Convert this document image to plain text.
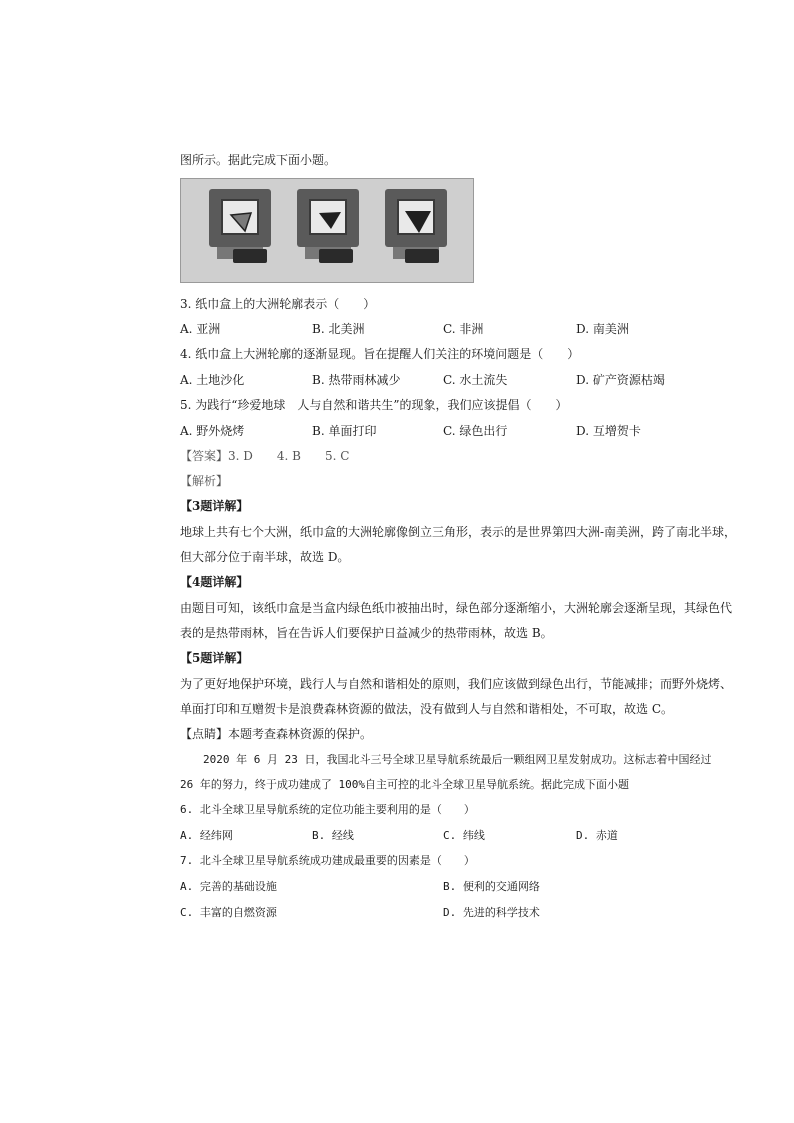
图所示。据此完成下面小题。
3. 纸巾盒上的大洲轮廓表示（　　）
A. 亚洲	B. 北美洲	C. 非洲	D. 南美洲
4. 纸巾盒上大洲轮廓的逐渐显现。旨在提醒人们关注的环境问题是（　　）
A. 土地沙化	B. 热带雨林减少	C. 水土流失	D. 矿产资源枯竭
5. 为践行“珍爱地球　人与自然和谐共生”的现象，我们应该提倡（　　）
A. 野外烧烤	B. 单面打印	C. 绿色出行	D. 互增贺卡
【答案】3. D　　4. B　　5. C
【解析】
【3题详解】
地球上共有七个大洲，纸巾盒的大洲轮廓像倒立三角形，表示的是世界第四大洲-南美洲，跨了南北半球，
但大部分位于南半球，故选 D。
【4题详解】
由题目可知，该纸巾盒是当盒内绿色纸巾被抽出时，绿色部分逐渐缩小，大洲轮廓会逐渐呈现，其绿色代
表的是热带雨林，旨在告诉人们要保护日益减少的热带雨林，故选 B。
【5题详解】
为了更好地保护环境，践行人与自然和谐相处的原则，我们应该做到绿色出行，节能减排；而野外烧烤、
单面打印和互赠贺卡是浪费森林资源的做法，没有做到人与自然和谐相处，不可取，故选 C。
【点睛】本题考查森林资源的保护。
2020 年 6 月 23 日，我国北斗三号全球卫星导航系统最后一颗组网卫星发射成功。这标志着中国经过
26 年的努力，终于成功建成了 100%自主可控的北斗全球卫星导航系统。据此完成下面小题
6. 北斗全球卫星导航系统的定位功能主要利用的是（　　）
A. 经纬网	B. 经线	C. 纬线	D. 赤道
7. 北斗全球卫星导航系统成功建成最重要的因素是（　　）
A. 完善的基础设施	B. 便利的交通网络
C. 丰富的自燃资源	D. 先进的科学技术
